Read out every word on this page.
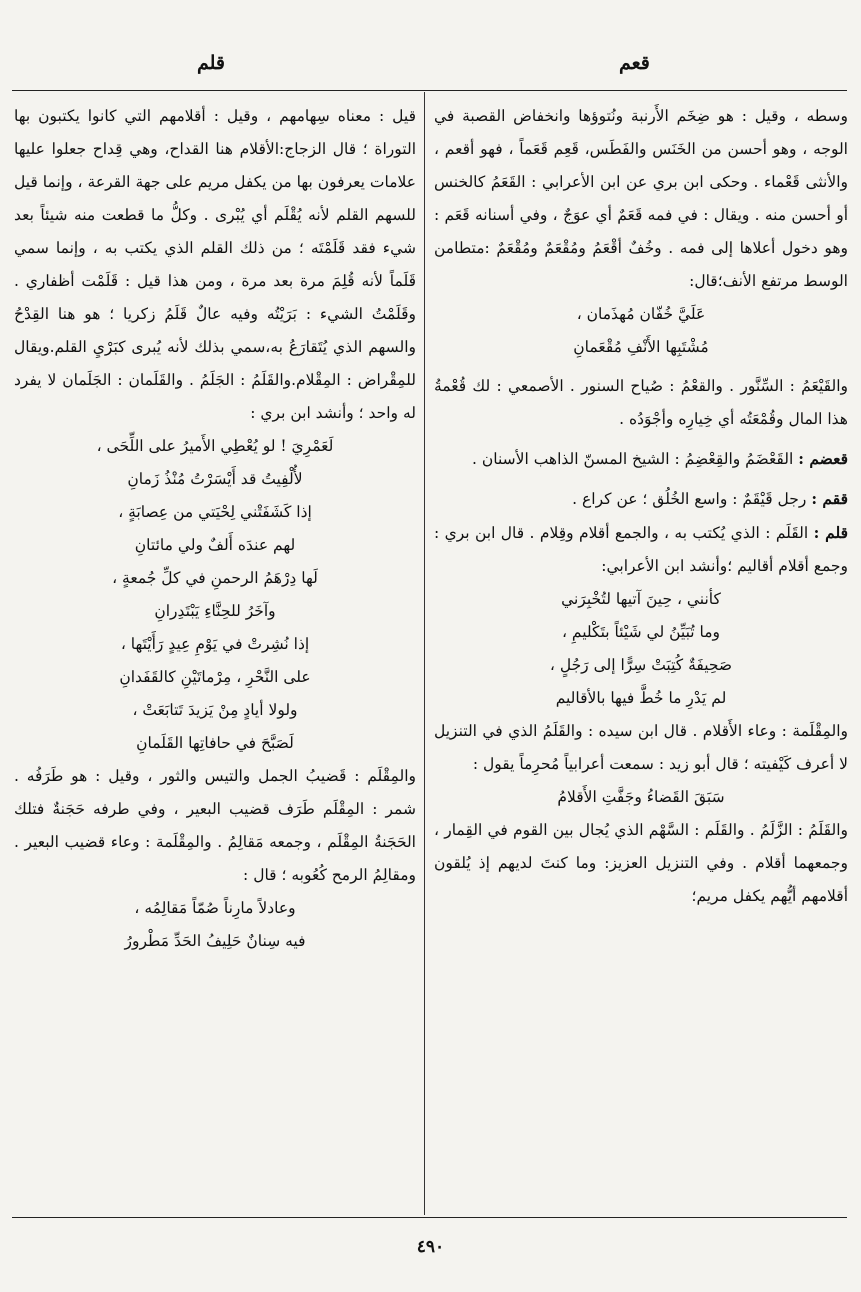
قعم
قلم

وسطه ، وقيل : هو ضِخَم الأَرنبة ونُتوؤها وانخفاض القصبة في الوجه ، وهو أحسن من الخَنَس والفَطَس، قَعِم قَعَماً ، فهو أقعم ، والأنثى قَعْماء . وحكى ابن بري عن ابن الأعرابي : القَعَمُ كالخنس أو أحسن منه . ويقال : في فمه قَعَمٌ أي عوَجٌ ، وفي أسنانه قَعَم : وهو دخول أعلاها إلى فمه . وخُفٌ أقْعَمُ ومُقْعَمٌ ومُقْعَمٌ :متطامن الوسط مرتفع الأنف؛قال:

عَلَيَّ خُفّان مُهذَمان ،

مُشْتَبِها الأَنْفِ مُقْعَمانِ

والقَيْعَمُ : السِّنَّور . والقعْمُ : صُياح السنور . الأصمعي : لك قُعْمةُ هذا المال وقُمْعَتُه أي خِيارِه وأجْوَدُه .

قعضم : القَعْضَمُ والقِعْضِمُ : الشيخ المسنّ الذاهب الأسنان .

ققم : رجل قَيْقَمٌ : واسع الخُلُق ؛ عن كراع .

قلم : القَلَم : الذي يُكتب به ، والجمع أقلام وقِلام . قال ابن بري : وجمع أقلام أقاليم ؛وأنشد ابن الأعرابي:

كأنني ، حِينَ آتيها لتُخْبِرَني

وما تُبَيِّنُ لي شَيْئاً بتَكْليمِ ،

صَحِيفَةٌ كُتِبَتْ سِرًّا إلى رَجُلٍ ،

لم يَدْرِ ما خُطَّ فيها بالأقاليم

والمِقْلَمة : وعاء الأَقلام . قال ابن سيده : والقَلَمُ الذي في التنزيل لا أعرف كَيْفيته ؛ قال أبو زيد : سمعت أعرابياً مُحرِماً يقول :

سَبَقَ القَضاءُ وجَفَّتِ الأَقلامُ

والقَلَمُ : الزَّلَمُ . والقَلَم : السَّهْم الذي يُجال بين القوم في القِمار ، وجمعهما أقلام . وفي التنزيل العزيز: وما كنتَ لديهم إذ يُلقون أقلامهم أيُّهم يكفل مريم؛

قيل : معناه سِهامهم ، وقيل : أقلامهم التي كانوا يكتبون بها التوراة ؛ قال الزجاج:الأقلام هنا القداح، وهي قِداح جعلوا عليها علامات يعرفون بها من يكفل مريم على جهة القرعة ، وإنما قيل للسهم القلم لأنه يُقْلَم أي يُبْرى . وكلُّ ما قطعت منه شيئاً بعد شيء فقد قَلَمْتَه ؛ من ذلك القلم الذي يكتب به ، وإنما سمي قَلَماً لأنه قُلِمَ مرة بعد مرة ، ومن هذا قيل : قَلَمْت أظفاري . وقَلَمْتُ الشيء : بَرَيْتُه وفيه عالٌ قَلَمُ زكريا ؛ هو هنا القِدْحُ والسهم الذي يُتَقارَعُ به،سمي بذلك لأنه يُبرى كبَرْيِ القلم.ويقال للمِقْراض : المِقْلام.والقَلَمُ : الجَلَمُ . والقَلَمان : الجَلَمان لا يفرد له واحد ؛ وأنشد ابن بري :

لَعَمْرِيَ ! لو يُعْطِي الأَميرُ على اللِّحَى ،

لأُلْفِيتُ قد أَيْسَرْتُ مُنْذُ زَمانِ

إذا كَشَفَتْني لِحْيَتي من عِصابَةٍ ،

لهم عندَه أَلفٌ ولي مائتانِ

لَها دِرْهَمُ الرحمنِ في كلِّ جُمعةٍ ،

وآخَرُ للحِنَّاءِ يَبْتَدِرانِ

إذا نُشِرتْ في يَوْمِ عِيدٍ رَأَيْتَها ،

على النَّحْرِ ، مِرْماتَيْنِ كالقَفَدانِ

ولولا أيادٍ مِنْ يَزيدَ تَتابَعَتْ ،

لَصَبَّحَ في حافاتِها القَلَمانِ

والمِقْلَم : قَضيبُ الجمل والتيس والثور ، وقيل : هو طَرَفُه . شمر : المِقْلَم طَرَف قضيب البعير ، وفي طرفه حَجَنةٌ فتلك الحَجَنةُ المِقْلَم ، وجمعه مَقالِمُ . والمِقْلَمة : وعاء قضيب البعير . ومقالِمُ الرمح كُعُوبه ؛ قال :

وعادلاً مارِناً صُمّاً مَقالِمُه ،

فيه سِنانٌ حَلِيفُ الحَدِّ مَطْرورُ

٤٩٠
